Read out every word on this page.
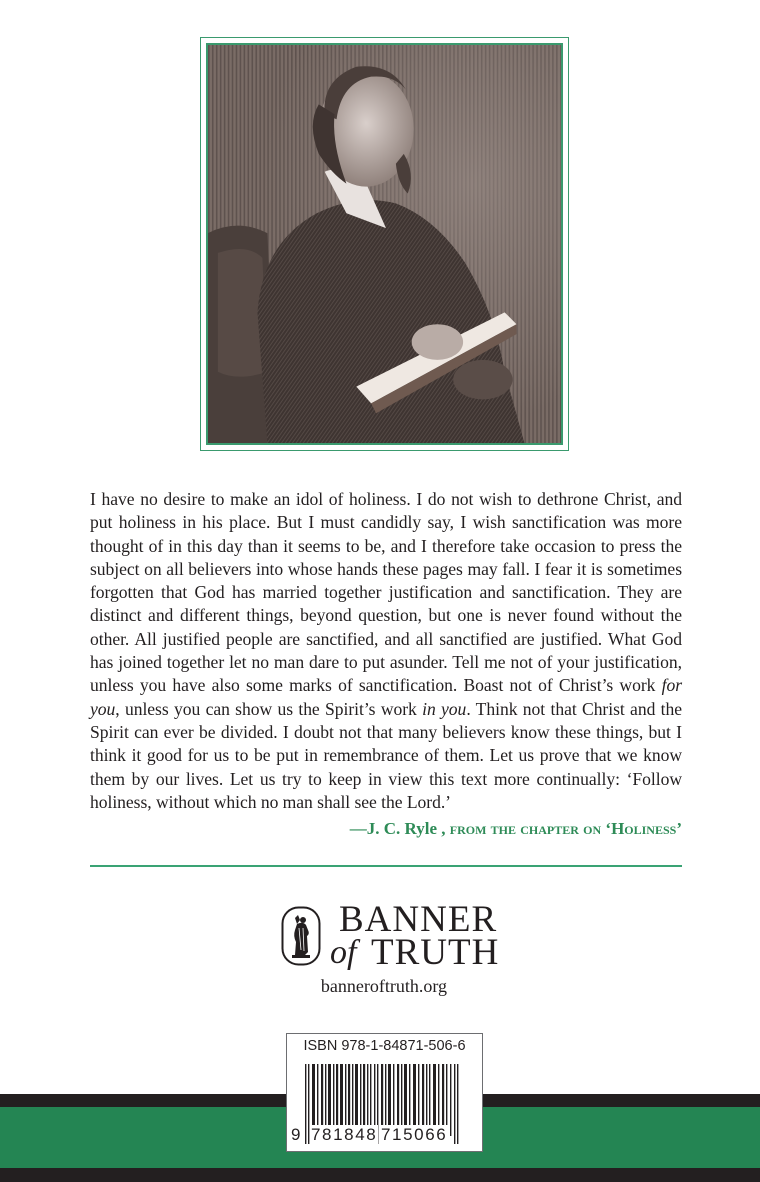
I have no desire to make an idol of holiness. I do not wish to dethrone Christ, and
put holiness in his place. But I must candidly say, I wish sanctification was more
thought of in this day than it seems to be, and I therefore take occasion to press the
subject on all believers into whose hands these pages may fall. I fear it is sometimes
forgotten that God has married together justification and sanctification. They are
distinct and different things, beyond question, but one is never found without the
other. All justified people are sanctified, and all sanctified are justified. What God
has joined together let no man dare to put asunder. Tell me not of your justification,
unless you have also some marks of sanctification. Boast not of Christ’s work for
you, unless you can show us the Spirit’s work in you. Think not that Christ and the
Spirit can ever be divided. I doubt not that many believers know these things, but I
think it good for us to be put in remembrance of them. Let us prove that we know
them by our lives. Let us try to keep in view this text more continually: ‘Follow
holiness, without which no man shall see the Lord.’
—J. C. Ryle , from the chapter on ‘Holiness’
BANNER
of TRUTH
banneroftruth.org
ISBN 978-1-84871-506-6
9 781848 715066
